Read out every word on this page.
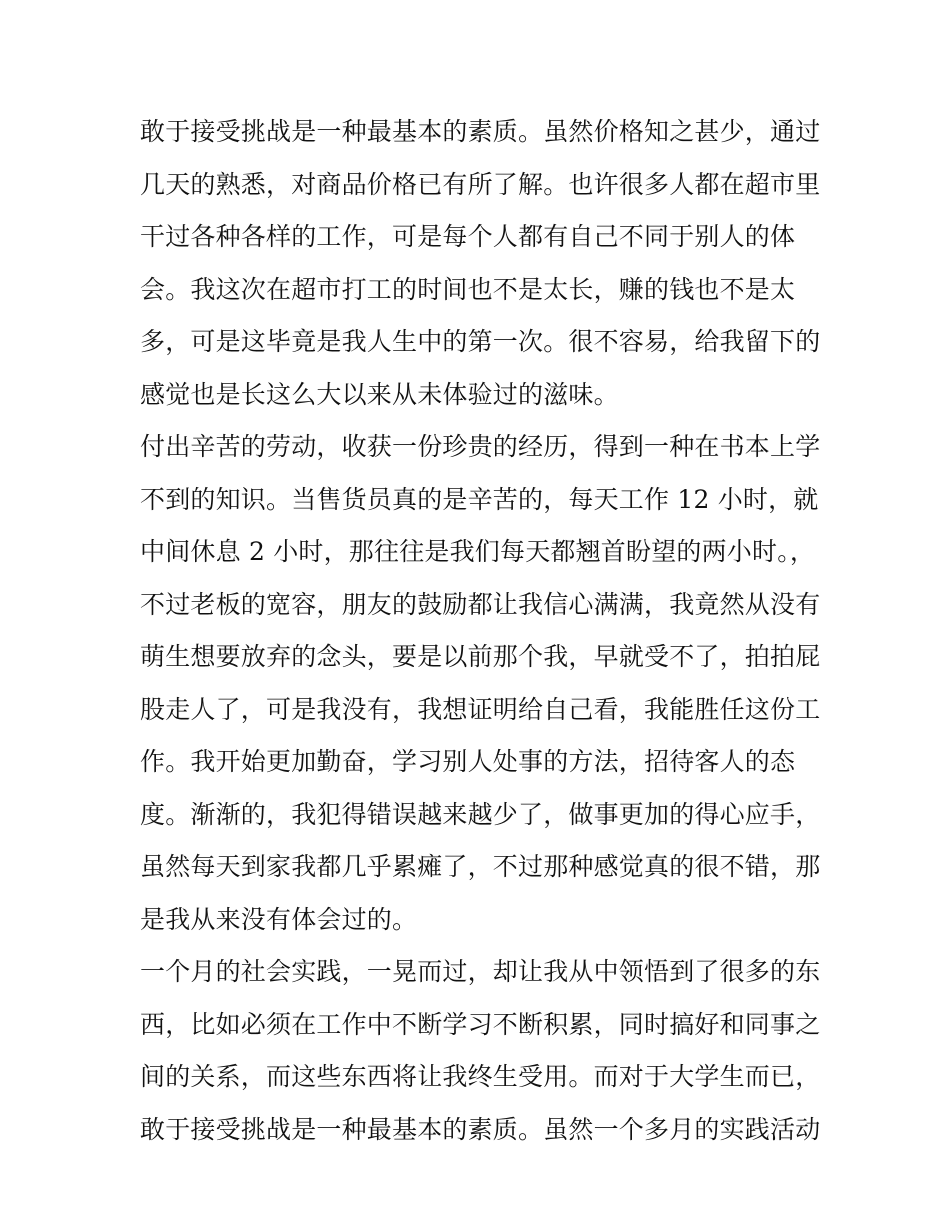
敢于接受挑战是一种最基本的素质。虽然价格知之甚少，通过
几天的熟悉，对商品价格已有所了解。也许很多人都在超市里
干过各种各样的工作，可是每个人都有自己不同于别人的体
会。我这次在超市打工的时间也不是太长，赚的钱也不是太
多，可是这毕竟是我人生中的第一次。很不容易，给我留下的
感觉也是长这么大以来从未体验过的滋味。
付出辛苦的劳动，收获一份珍贵的经历，得到一种在书本上学
不到的知识。当售货员真的是辛苦的，每天工作 12 小时，就
中间休息 2 小时，那往往是我们每天都翘首盼望的两小时。，
不过老板的宽容，朋友的鼓励都让我信心满满，我竟然从没有
萌生想要放弃的念头，要是以前那个我，早就受不了，拍拍屁
股走人了，可是我没有，我想证明给自己看，我能胜任这份工
作。我开始更加勤奋，学习别人处事的方法，招待客人的态
度。渐渐的，我犯得错误越来越少了，做事更加的得心应手，
虽然每天到家我都几乎累瘫了，不过那种感觉真的很不错，那
是我从来没有体会过的。
一个月的社会实践，一晃而过，却让我从中领悟到了很多的东
西，比如必须在工作中不断学习不断积累，同时搞好和同事之
间的关系，而这些东西将让我终生受用。而对于大学生而已，
敢于接受挑战是一种最基本的素质。虽然一个多月的实践活动
